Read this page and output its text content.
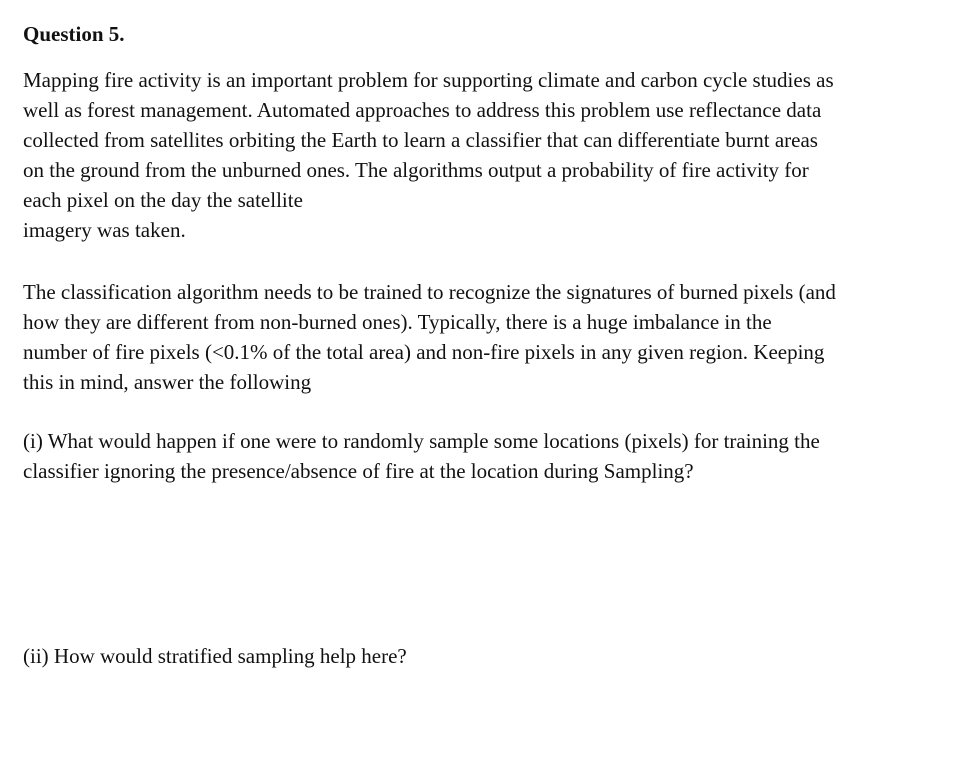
Question 5.
Mapping fire activity is an important problem for supporting climate and carbon cycle studies as
well as forest management. Automated approaches to address this problem use reflectance data
collected from satellites orbiting the Earth to learn a classifier that can differentiate burnt areas
on the ground from the unburned ones. The algorithms output a probability of fire activity for
each pixel on the day the satellite
imagery was taken.
The classification algorithm needs to be trained to recognize the signatures of burned pixels (and
how they are different from non-burned ones). Typically, there is a huge imbalance in the
number of fire pixels (<0.1% of the total area) and non-fire pixels in any given region. Keeping
this in mind, answer the following
(i) What would happen if one were to randomly sample some locations (pixels) for training the
classifier ignoring the presence/absence of fire at the location during Sampling?
(ii) How would stratified sampling help here?
